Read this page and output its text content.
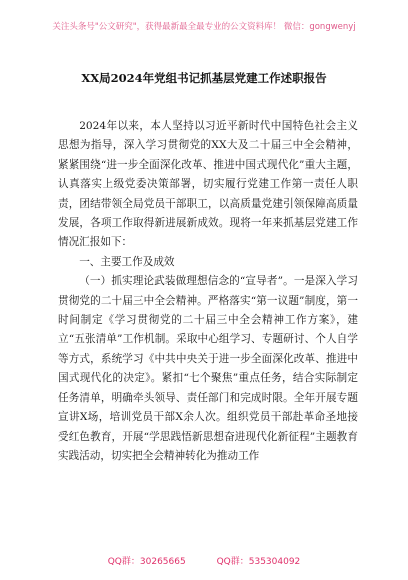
关注头条号"公文研究"，获得最新最全最专业的公文资料库！ 微信：gongwenyj
XX局2024年党组书记抓基层党建工作述职报告

2024年以来，本人坚持以习近平新时代中国特色社会主义思想为指导，深入学习贯彻党的XX大及二十届三中全会精神，紧紧围绕“进一步全面深化改革、推进中国式现代化”重大主题，认真落实上级党委决策部署，切实履行党建工作第一责任人职责，团结带领全局党员干部职工，以高质量党建引领保障高质量发展，各项工作取得新进展新成效。现将一年来抓基层党建工作情况汇报如下：

一、主要工作及成效

（一）抓实理论武装做理想信念的“宣导者”。一是深入学习贯彻党的二十届三中全会精神。严格落实“第一议题”制度，第一时间制定《学习贯彻党的二十届三中全会精神工作方案》，建立“五张清单”工作机制。采取中心组学习、专题研讨、个人自学等方式，系统学习《中共中央关于进一步全面深化改革、推进中国式现代化的决定》。紧扣“七个聚焦”重点任务，结合实际制定任务清单，明确牵头领导、责任部门和完成时限。全年开展专题宣讲X场，培训党员干部X余人次。组织党员干部赴革命圣地接受红色教育，开展“学思践悟新思想奋进现代化新征程”主题教育实践活动，切实把全会精神转化为推动工作

QQ群：30265665	QQ群：535304092
